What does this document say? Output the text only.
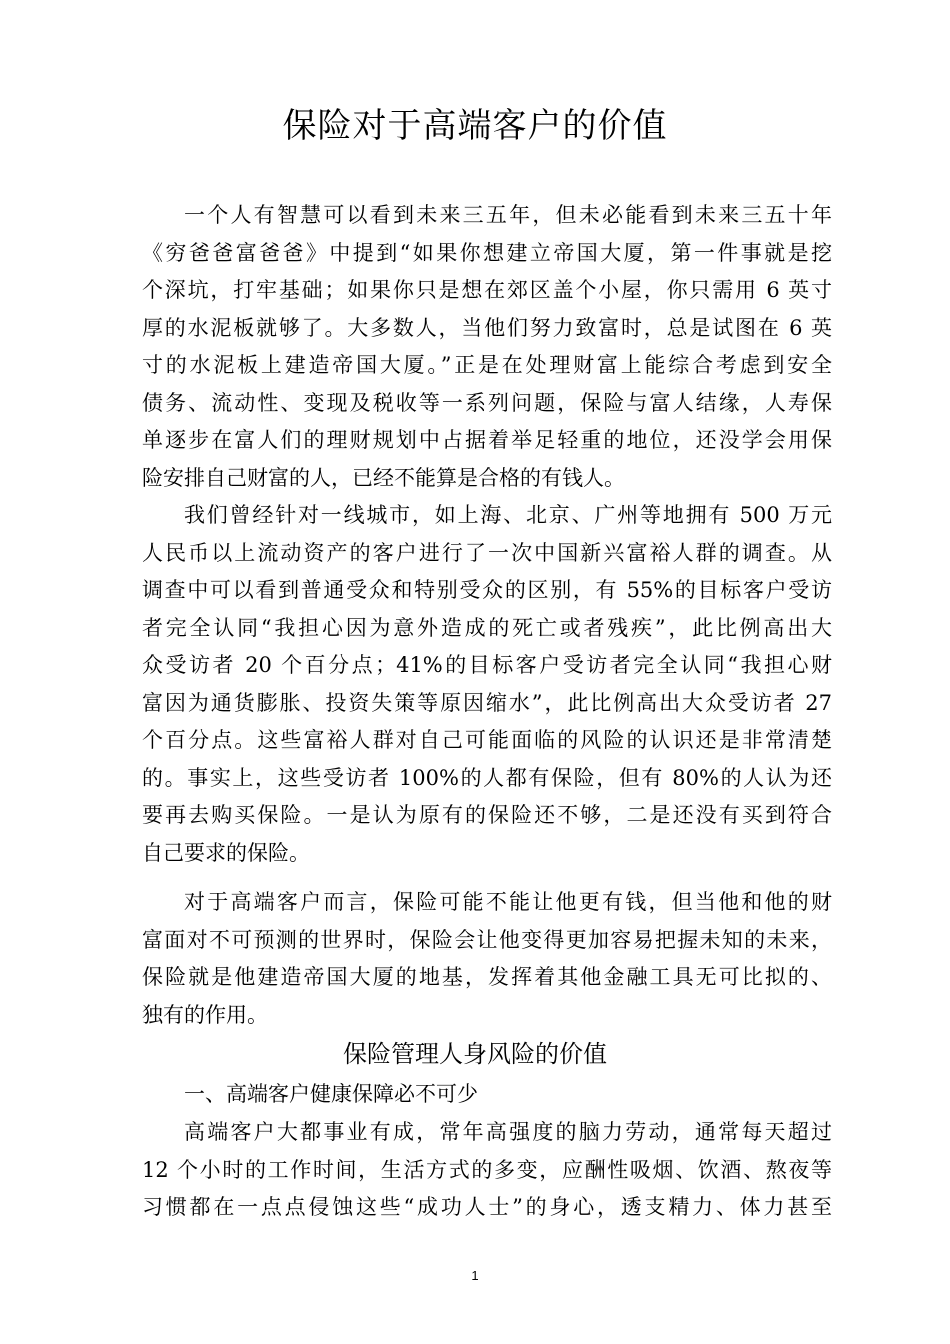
保险对于高端客户的价值
一个人有智慧可以看到未来三五年，但未必能看到未来三五十年
《穷爸爸富爸爸》中提到“如果你想建立帝国大厦，第一件事就是挖
个深坑，打牢基础；如果你只是想在郊区盖个小屋，你只需用 6 英寸
厚的水泥板就够了。大多数人，当他们努力致富时，总是试图在 6 英
寸的水泥板上建造帝国大厦。”正是在处理财富上能综合考虑到安全
债务、流动性、变现及税收等一系列问题，保险与富人结缘，人寿保
单逐步在富人们的理财规划中占据着举足轻重的地位，还没学会用保
险安排自己财富的人，已经不能算是合格的有钱人。
我们曾经针对一线城市，如上海、北京、广州等地拥有 500 万元
人民币以上流动资产的客户进行了一次中国新兴富裕人群的调查。从
调查中可以看到普通受众和特别受众的区别，有 55%的目标客户受访
者完全认同“我担心因为意外造成的死亡或者残疾”，此比例高出大
众受访者 20 个百分点；41%的目标客户受访者完全认同“我担心财
富因为通货膨胀、投资失策等原因缩水”，此比例高出大众受访者 27
个百分点。这些富裕人群对自己可能面临的风险的认识还是非常清楚
的。事实上，这些受访者 100%的人都有保险，但有 80%的人认为还
要再去购买保险。一是认为原有的保险还不够，二是还没有买到符合
自己要求的保险。
对于高端客户而言，保险可能不能让他更有钱，但当他和他的财
富面对不可预测的世界时，保险会让他变得更加容易把握未知的未来，
保险就是他建造帝国大厦的地基，发挥着其他金融工具无可比拟的、
独有的作用。
保险管理人身风险的价值
一、高端客户健康保障必不可少
高端客户大都事业有成，常年高强度的脑力劳动，通常每天超过
12 个小时的工作时间，生活方式的多变，应酬性吸烟、饮酒、熬夜等
习惯都在一点点侵蚀这些“成功人士”的身心，透支精力、体力甚至
1
